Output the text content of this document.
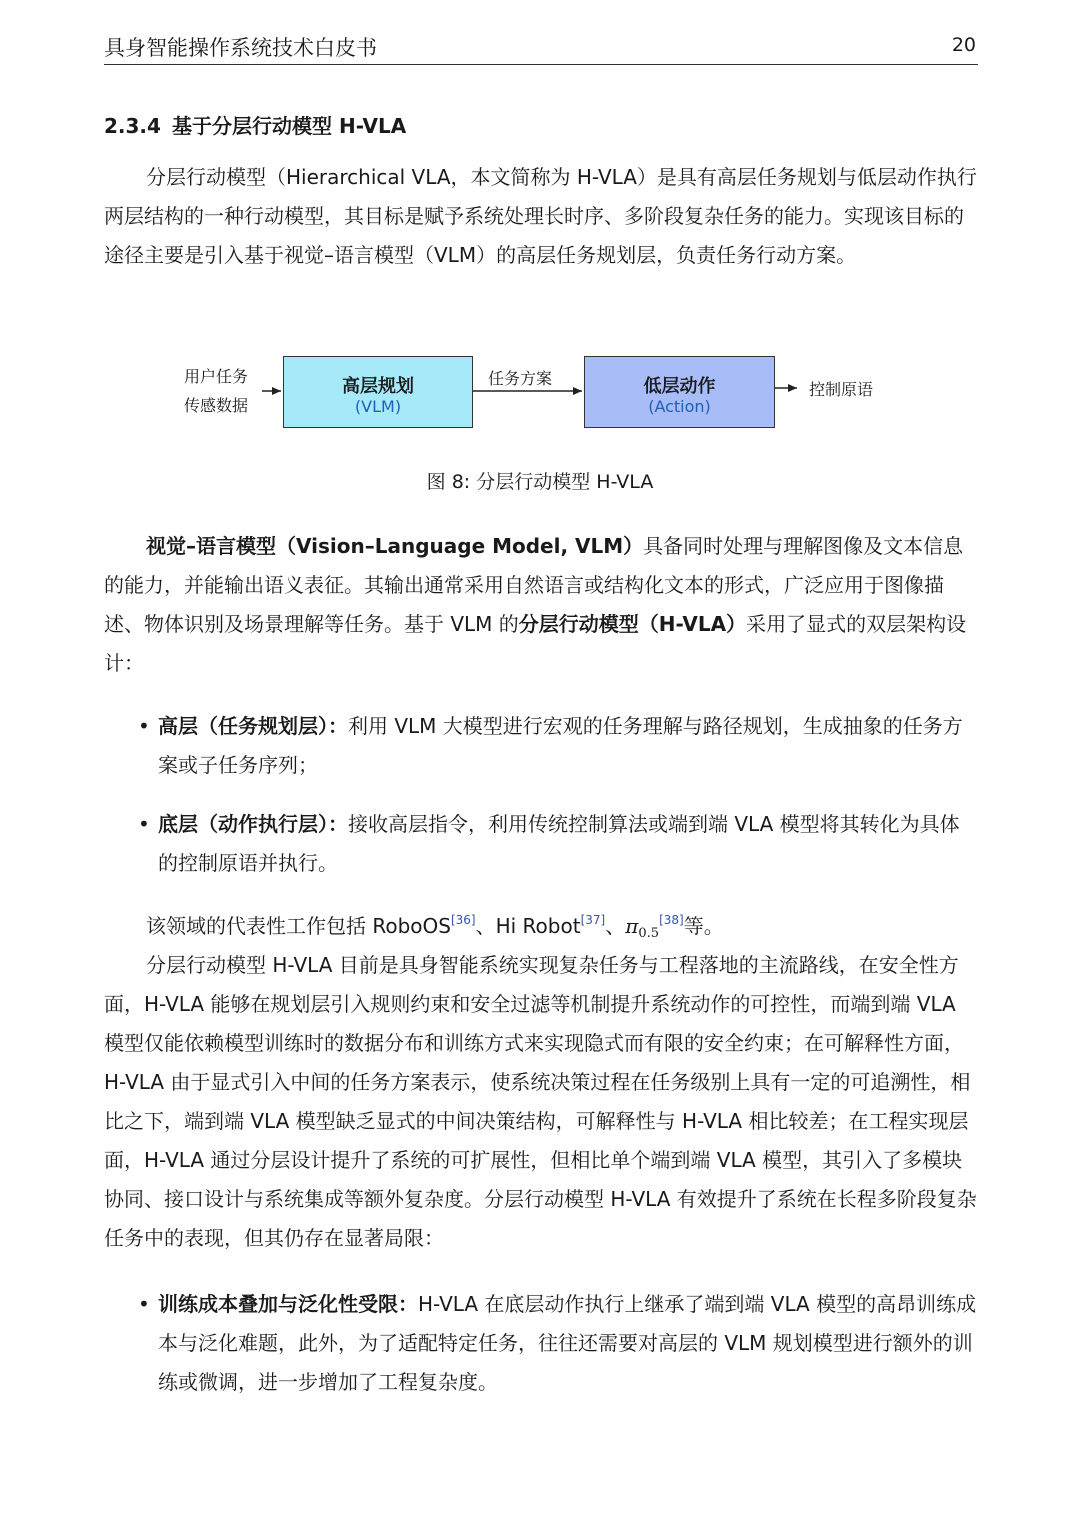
具身智能操作系统技术白皮书	20
2.3.4 基于分层行动模型 H-VLA

分层行动模型（Hierarchical VLA，本文简称为 H-VLA）是具有高层任务规划与低层动作执行两层结构的一种行动模型，其目标是赋予系统处理长时序、多阶段复杂任务的能力。实现该目标的途径主要是引入基于视觉–语言模型（VLM）的高层任务规划层，负责任务行动方案。

用户任务
传感数据
高层规划
(VLM)
任务方案	低层动作
(Action)
控制原语
图 8: 分层行动模型 H-VLA

视觉–语言模型（Vision–Language Model, VLM）具备同时处理与理解图像及文本信息的能力，并能输出语义表征。其输出通常采用自然语言或结构化文本的形式，广泛应用于图像描述、物体识别及场景理解等任务。基于 VLM 的分层行动模型（H-VLA）采用了显式的双层架构设计：

• 高层（任务规划层）：利用 VLM 大模型进行宏观的任务理解与路径规划，生成抽象的任务方案或子任务序列；

• 底层（动作执行层）：接收高层指令，利用传统控制算法或端到端 VLA 模型将其转化为具体的控制原语并执行。

该领域的代表性工作包括 RoboOS[36]、Hi Robot[37]、$\pi_{0.5}[38]$等。

分层行动模型 H-VLA 目前是具身智能系统实现复杂任务与工程落地的主流路线，在安全性方面，H-VLA 能够在规划层引入规则约束和安全过滤等机制提升系统动作的可控性，而端到端 VLA 模型仅能依赖模型训练时的数据分布和训练方式来实现隐式而有限的安全约束；在可解释性方面，H-VLA 由于显式引入中间的任务方案表示，使系统决策过程在任务级别上具有一定的可追溯性，相比之下，端到端 VLA 模型缺乏显式的中间决策结构，可解释性与 H-VLA 相比较差；在工程实现层面，H-VLA 通过分层设计提升了系统的可扩展性，但相比单个端到端 VLA 模型，其引入了多模块协同、接口设计与系统集成等额外复杂度。分层行动模型 H-VLA 有效提升了系统在长程多阶段复杂任务中的表现，但其仍存在显著局限：

• 训练成本叠加与泛化性受限：H-VLA 在底层动作执行上继承了端到端 VLA 模型的高昂训练成本与泛化难题，此外，为了适配特定任务，往往还需要对高层的 VLM 规划模型进行额外的训练或微调，进一步增加了工程复杂度。
